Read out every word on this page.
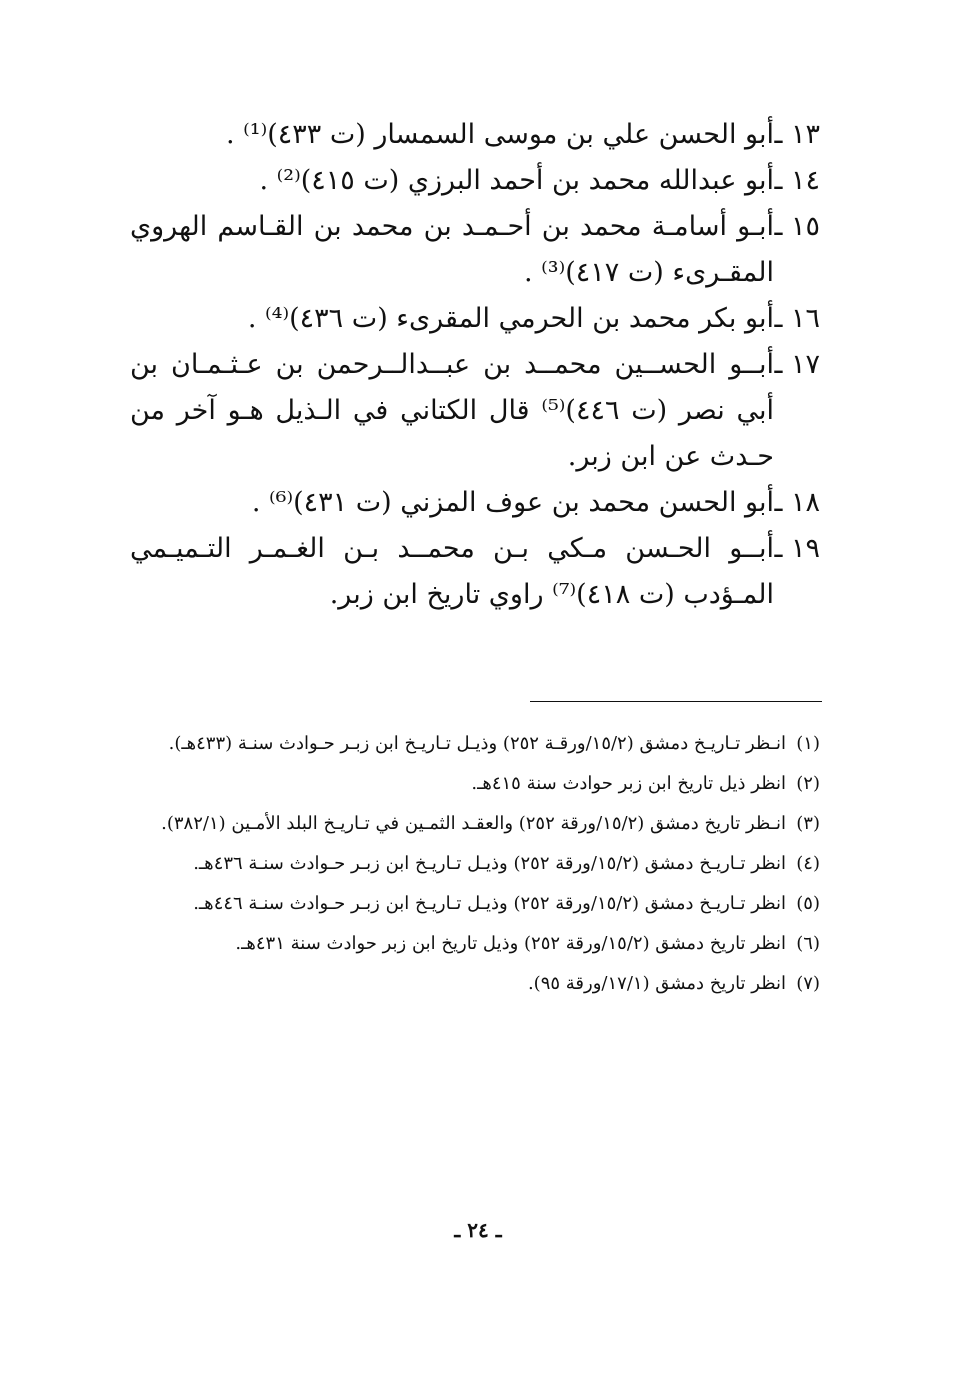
١٣ ـ
أبو الحسن علي بن موسى السمسار (ت ٤٣٣)⁽¹⁾ .
١٤ ـ
أبو عبدالله محمد بن أحمد البرزي (ت ٤١٥)⁽²⁾ .
١٥ ـ
أبـو أسامـة محمد بن أحـمـد بن محمد بن القـاسم الهروي المقـرىء (ت ٤١٧)⁽³⁾ .
١٦ ـ
أبو بكر محمد بن الحرمي المقرىء (ت ٤٣٦)⁽⁴⁾ .
١٧ ـ
أبــو الحســين محمــد بن عبــدالــرحمن بن عـثـمـان بن أبي نصر (ت ٤٤٦)⁽⁵⁾ قال الكتاني في الـذيل هـو آخر من حـدث عن ابن زبر.
١٨ ـ
أبو الحسن محمد بن عوف المزني (ت ٤٣١)⁽⁶⁾ .
١٩ ـ
أبــو الحـسن مـكي بـن محمــد بـن الغـمـر التـميـمي المـؤدب (ت ٤١٨)⁽⁷⁾ راوي تاريخ ابن زبر.
(١)
انـظر تـاريـخ دمشق (١٥/٢/ورقـة ٢٥٢) وذيـل تـاريـخ ابن زبـر حـوادث سنـة (٤٣٣هـ).
(٢)
انظر ذيل تاريخ ابن زبر حوادث سنة ٤١٥هـ.
(٣)
انـظر تاريخ دمشق (١٥/٢/ورقة ٢٥٢) والعقـد الثمـين في تـاريـخ البلد الأمـين (٣٨٢/١).
(٤)
انظر تـاريـخ دمشق (١٥/٢/ورقة ٢٥٢) وذيـل تـاريـخ ابن زبـر حـوادث سنـة ٤٣٦هـ.
(٥)
انظر تـاريـخ دمشق (١٥/٢/ورقة ٢٥٢) وذيـل تـاريـخ ابن زبـر حـوادث سنـة ٤٤٦هـ.
(٦)
انظر تاريخ دمشق (١٥/٢/ورقة ٢٥٢) وذيل تاريخ ابن زبر حوادث سنة ٤٣١هـ.
(٧)
انظر تاريخ دمشق (١٧/١/ورقة ٩٥).
ـ ٢٤ ـ
